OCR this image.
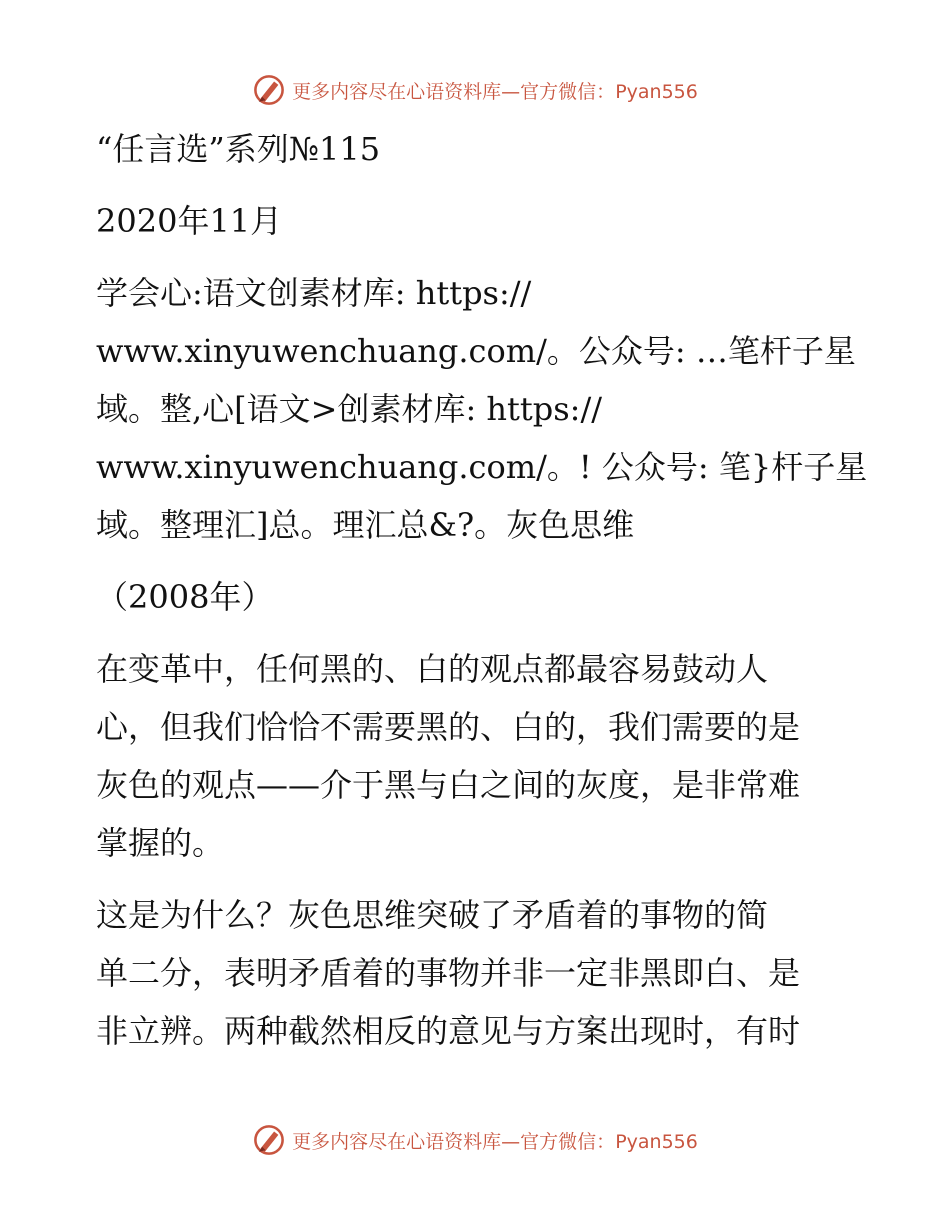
更多内容尽在心语资料库—官方微信：Pyan556
“任言选”系列№115
2020年11月
学会心:语文创素材库: https://
www.xinyuwenchuang.com/。公众号: …笔杆子星
域。整,心[语文>创素材库: https://
www.xinyuwenchuang.com/。! 公众号: 笔}杆子星
域。整理汇]总。理汇总&?。灰色思维
（2008年）
在变革中，任何黑的、白的观点都最容易鼓动人
心，但我们恰恰不需要黑的、白的，我们需要的是
灰色的观点——介于黑与白之间的灰度，是非常难
掌握的。
这是为什么？灰色思维突破了矛盾着的事物的简
单二分，表明矛盾着的事物并非一定非黑即白、是
非立辨。两种截然相反的意见与方案出现时，有时
更多内容尽在心语资料库—官方微信：Pyan556
